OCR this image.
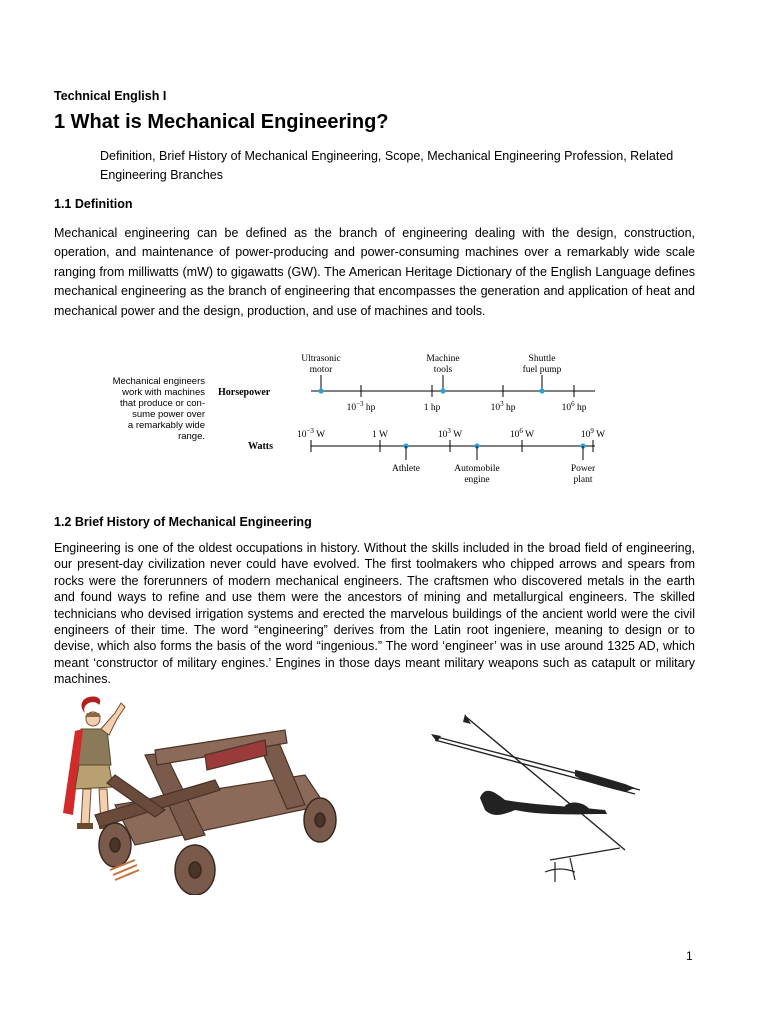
Technical English I
1 What is Mechanical Engineering?
Definition, Brief History of Mechanical Engineering, Scope, Mechanical Engineering Profession, Related Engineering Branches
1.1 Definition
Mechanical engineering can be defined as the branch of engineering dealing with the design, construction, operation, and maintenance of power-producing and power-consuming machines over a remarkably wide scale ranging from milliwatts (mW) to gigawatts (GW). The American Heritage Dictionary of the English Language defines mechanical engineering as the branch of engineering that encompasses the generation and application of heat and mechanical power and the design, production, and use of machines and tools.
Mechanical engineers
work with machines
that produce or con-
sume power over
a remarkably wide
range.
Horsepower
Watts
$10^{-3}$ hp	1 hp	$10^3$ hp	$10^6$ hp
Ultrasonic
motor
Machine
tools
Shuttle
fuel pump
$10^{-3}$ W	1 W	$10^3$ W	$10^6$ W	$10^9$ W
Athlete	Automobile
engine
Power
plant
1.2 Brief History of Mechanical Engineering
Engineering is one of the oldest occupations in history. Without the skills included in the broad field of engineering, our present-day civilization never could have evolved. The first toolmakers who chipped arrows and spears from rocks were the forerunners of modern mechanical engineers. The craftsmen who discovered metals in the earth and found ways to refine and use them were the ancestors of mining and metallurgical engineers. The skilled technicians who devised irrigation systems and erected the marvelous buildings of the ancient world were the civil engineers of their time. The word “engineering” derives from the Latin root ingeniere, meaning to design or to devise, which also forms the basis of the word “ingenious.” The word ‘engineer’ was in use around 1325 AD, which meant ‘constructor of military engines.’ Engines in those days meant military weapons such as catapult or military machines.
1
